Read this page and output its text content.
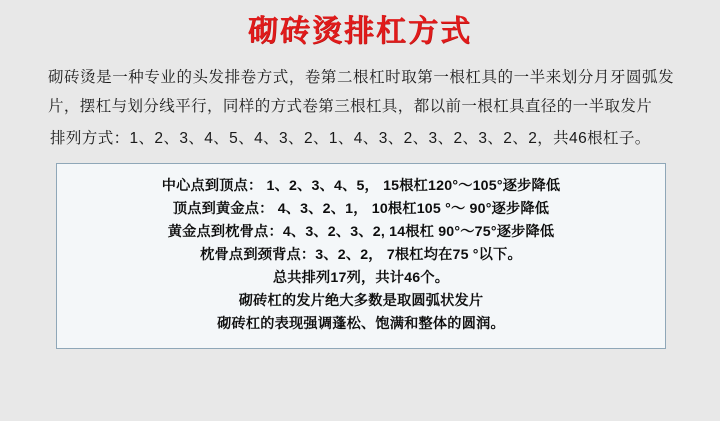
砌砖烫排杠方式

砌砖烫是一种专业的头发排卷方式，卷第二根杠时取第一根杠具的一半来划分月牙圆弧发片，摆杠与划分线平行，同样的方式卷第三根杠具，都以前一根杠具直径的一半取发片

排列方式：1、2、3、4、5、4、3、2、1、4、3、2、3、2、3、2、2，共46根杠子。

中心点到顶点： 1、2、3、4、5， 15根杠120°～105°逐步降低
顶点到黄金点： 4、3、2、1， 10根杠105 °～ 90°逐步降低
黄金点到枕骨点：4、3、2、3、2, 14根杠 90°～75°逐步降低
枕骨点到颈背点：3、2、2， 7根杠均在75 °以下。
总共排列17列，共计46个。
砌砖杠的发片绝大多数是取圆弧状发片
砌砖杠的表现强调蓬松、饱满和整体的圆润。
